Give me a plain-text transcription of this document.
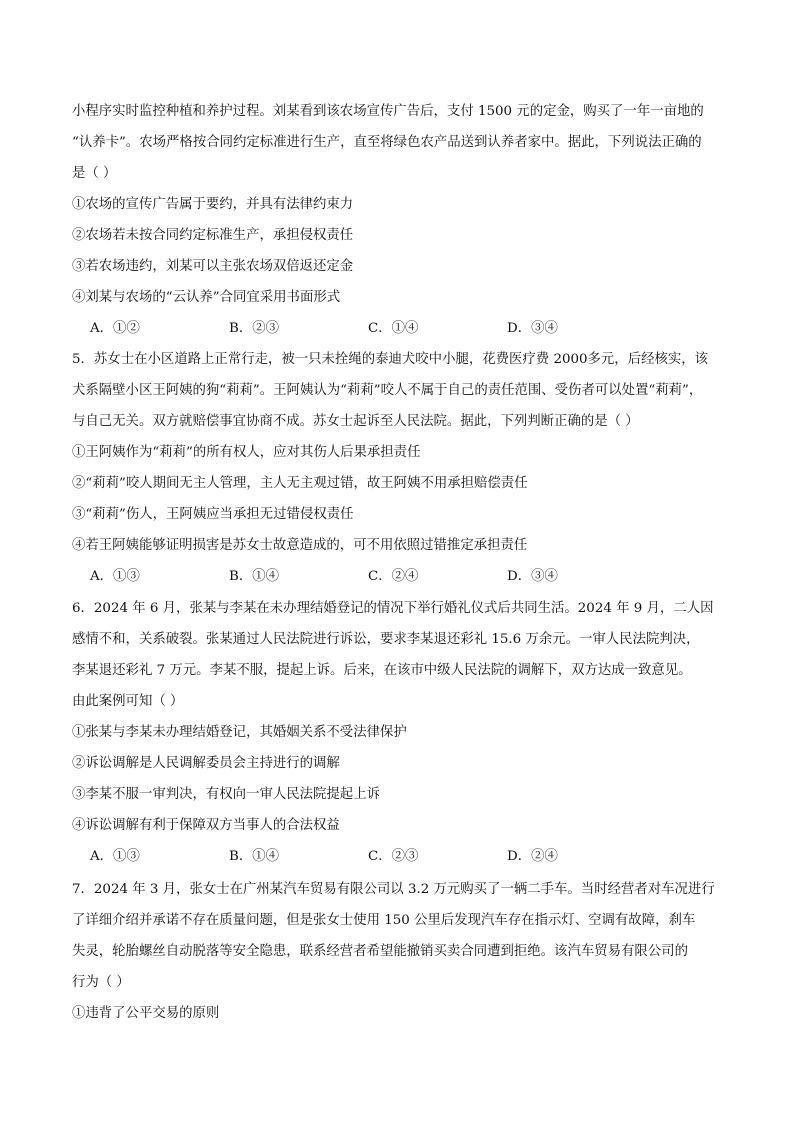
小程序实时监控种植和养护过程。刘某看到该农场宣传广告后，支付 1500 元的定金，购买了一年一亩地的
“认养卡”。农场严格按合同约定标准进行生产，直至将绿色农产品送到认养者家中。据此，下列说法正确的
是（ ）
①农场的宣传广告属于要约，并具有法律约束力
②农场若未按合同约定标准生产，承担侵权责任
③若农场违约，刘某可以主张农场双倍返还定金
④刘某与农场的“云认养”合同宜采用书面形式
A．①②	B．②③	C．①④	D．③④
5．苏女士在小区道路上正常行走，被一只未拴绳的泰迪犬咬中小腿，花费医疗费 2000多元，后经核实，该
犬系隔壁小区王阿姨的狗“莉莉”。王阿姨认为“莉莉”咬人不属于自己的责任范围、受伤者可以处置“莉莉”，
与自己无关。双方就赔偿事宜协商不成。苏女士起诉至人民法院。据此，下列判断正确的是（ ）
①王阿姨作为“莉莉”的所有权人，应对其伤人后果承担责任
②“莉莉”咬人期间无主人管理，主人无主观过错，故王阿姨不用承担赔偿责任
③“莉莉”伤人，王阿姨应当承担无过错侵权责任
④若王阿姨能够证明损害是苏女士故意造成的，可不用依照过错推定承担责任
A．①③	B．①④	C．②④	D．③④
6．2024 年 6 月，张某与李某在未办理结婚登记的情况下举行婚礼仪式后共同生活。2024 年 9 月，二人因
感情不和，关系破裂。张某通过人民法院进行诉讼，要求李某退还彩礼 15.6 万余元。一审人民法院判决，
李某退还彩礼 7 万元。李某不服，提起上诉。后来，在该市中级人民法院的调解下，双方达成一致意见。
由此案例可知（ ）
①张某与李某未办理结婚登记，其婚姻关系不受法律保护
②诉讼调解是人民调解委员会主持进行的调解
③李某不服一审判决，有权向一审人民法院提起上诉
④诉讼调解有利于保障双方当事人的合法权益
A．①③	B．①④	C．②③	D．②④
7．2024 年 3 月，张女士在广州某汽车贸易有限公司以 3.2 万元购买了一辆二手车。当时经营者对车况进行
了详细介绍并承诺不存在质量问题，但是张女士使用 150 公里后发现汽车存在指示灯、空调有故障，刹车
失灵，轮胎螺丝自动脱落等安全隐患，联系经营者希望能撤销买卖合同遭到拒绝。该汽车贸易有限公司的
行为（ ）
①违背了公平交易的原则
